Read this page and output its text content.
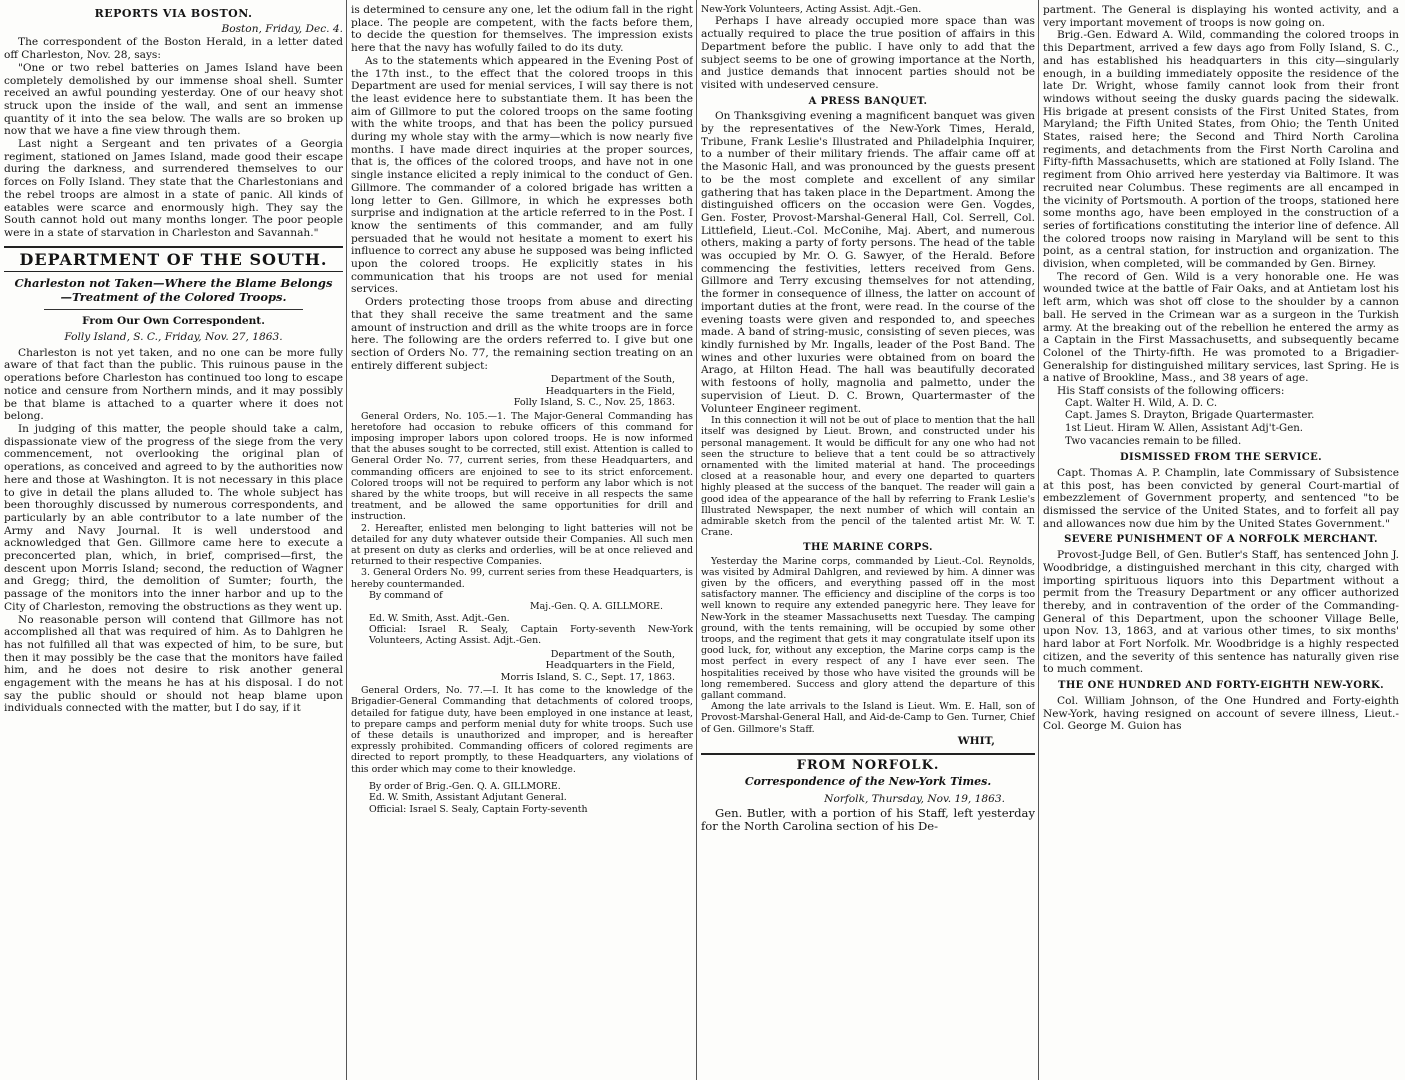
REPORTS VIA BOSTON.
Boston, Friday, Dec. 4.

The correspondent of the Boston Herald, in a letter dated off Charleston, Nov. 28, says:

"One or two rebel batteries on James Island have been completely demolished by our immense shoal shell. Sumter received an awful pounding yesterday. One of our heavy shot struck upon the inside of the wall, and sent an immense quantity of it into the sea below. The walls are so broken up now that we have a fine view through them.

Last night a Sergeant and ten privates of a Georgia regiment, stationed on James Island, made good their escape during the darkness, and surrendered themselves to our forces on Folly Island. They state that the Charlestonians and the rebel troops are almost in a state of panic. All kinds of eatables were scarce and enormously high. They say the South cannot hold out many months longer. The poor people were in a state of starvation in Charleston and Savannah."

DEPARTMENT OF THE SOUTH.
Charleston not Taken—Where the Blame Belongs—Treatment of the Colored Troops.
From Our Own Correspondent.
Folly Island, S. C., Friday, Nov. 27, 1863.

Charleston is not yet taken, and no one can be more fully aware of that fact than the public. This ruinous pause in the operations before Charleston has continued too long to escape notice and censure from Northern minds, and it may possibly be that blame is attached to a quarter where it does not belong.

In judging of this matter, the people should take a calm, dispassionate view of the progress of the siege from the very commencement, not overlooking the original plan of operations, as conceived and agreed to by the authorities now here and those at Washington. It is not necessary in this place to give in detail the plans alluded to. The whole subject has been thoroughly discussed by numerous correspondents, and particularly by an able contributor to a late number of the Army and Navy Journal. It is well understood and acknowledged that Gen. Gillmore came here to execute a preconcerted plan, which, in brief, comprised—first, the descent upon Morris Island; second, the reduction of Wagner and Gregg; third, the demolition of Sumter; fourth, the passage of the monitors into the inner harbor and up to the City of Charleston, removing the obstructions as they went up.

No reasonable person will contend that Gillmore has not accomplished all that was required of him. As to Dahlgren he has not fulfilled all that was expected of him, to be sure, but then it may possibly be the case that the monitors have failed him, and he does not desire to risk another general engagement with the means he has at his disposal. I do not say the public should or should not heap blame upon individuals connected with the matter, but I do say, if it

is determined to censure any one, let the odium fall in the right place. The people are competent, with the facts before them, to decide the question for themselves. The impression exists here that the navy has wofully failed to do its duty.

As to the statements which appeared in the Evening Post of the 17th inst., to the effect that the colored troops in this Department are used for menial services, I will say there is not the least evidence here to substantiate them. It has been the aim of Gillmore to put the colored troops on the same footing with the white troops, and that has been the policy pursued during my whole stay with the army—which is now nearly five months. I have made direct inquiries at the proper sources, that is, the offices of the colored troops, and have not in one single instance elicited a reply inimical to the conduct of Gen. Gillmore. The commander of a colored brigade has written a long letter to Gen. Gillmore, in which he expresses both surprise and indignation at the article referred to in the Post. I know the sentiments of this commander, and am fully persuaded that he would not hesitate a moment to exert his influence to correct any abuse he supposed was being inflicted upon the colored troops. He explicitly states in his communication that his troops are not used for menial services.

Orders protecting those troops from abuse and directing that they shall receive the same treatment and the same amount of instruction and drill as the white troops are in force here. The following are the orders referred to. I give but one section of Orders No. 77, the remaining section treating on an entirely different subject:

Department of the South,
Headquarters in the Field,
Folly Island, S. C., Nov. 25, 1863.

General Orders, No. 105.—1. The Major-General Commanding has heretofore had occasion to rebuke officers of this command for imposing improper labors upon colored troops. He is now informed that the abuses sought to be corrected, still exist. Attention is called to General Order No. 77, current series, from these Headquarters, and commanding officers are enjoined to see to its strict enforcement. Colored troops will not be required to perform any labor which is not shared by the white troops, but will receive in all respects the same treatment, and be allowed the same opportunities for drill and instruction.

2. Hereafter, enlisted men belonging to light batteries will not be detailed for any duty whatever outside their Companies. All such men at present on duty as clerks and orderlies, will be at once relieved and returned to their respective Companies.

3. General Orders No. 99, current series from these Headquarters, is hereby countermanded.

By command of
Maj.-Gen. Q. A. GILLMORE.
Ed. W. Smith, Asst. Adjt.-Gen.
Official: Israel R. Sealy, Captain Forty-seventh New-York Volunteers, Acting Assist. Adjt.-Gen.
Department of the South,
Headquarters in the Field,
Morris Island, S. C., Sept. 17, 1863.

General Orders, No. 77.—I. It has come to the knowledge of the Brigadier-General Commanding that detachments of colored troops, detailed for fatigue duty, have been employed in one instance at least, to prepare camps and perform menial duty for white troops. Such use of these details is unauthorized and improper, and is hereafter expressly prohibited. Commanding officers of colored regiments are directed to report promptly, to these Headquarters, any violations of this order which may come to their knowledge.

By order of Brig.-Gen. Q. A. GILLMORE.
Ed. W. Smith, Assistant Adjutant General.
Official: Israel S. Sealy, Captain Forty-seventh
New-York Volunteers, Acting Assist. Adjt.-Gen.

Perhaps I have already occupied more space than was actually required to place the true position of affairs in this Department before the public. I have only to add that the subject seems to be one of growing importance at the North, and justice demands that innocent parties should not be visited with undeserved censure.

A PRESS BANQUET.

On Thanksgiving evening a magnificent banquet was given by the representatives of the New-York Times, Herald, Tribune, Frank Leslie's Illustrated and Philadelphia Inquirer, to a number of their military friends. The affair came off at the Masonic Hall, and was pronounced by the guests present to be the most complete and excellent of any similar gathering that has taken place in the Department. Among the distinguished officers on the occasion were Gen. Vogdes, Gen. Foster, Provost-Marshal-General Hall, Col. Serrell, Col. Littlefield, Lieut.-Col. McConihe, Maj. Abert, and numerous others, making a party of forty persons. The head of the table was occupied by Mr. O. G. Sawyer, of the Herald. Before commencing the festivities, letters received from Gens. Gillmore and Terry excusing themselves for not attending, the former in consequence of illness, the latter on account of important duties at the front, were read. In the course of the evening toasts were given and responded to, and speeches made. A band of string-music, consisting of seven pieces, was kindly furnished by Mr. Ingalls, leader of the Post Band. The wines and other luxuries were obtained from on board the Arago, at Hilton Head. The hall was beautifully decorated with festoons of holly, magnolia and palmetto, under the supervision of Lieut. D. C. Brown, Quartermaster of the Volunteer Engineer regiment.

In this connection it will not be out of place to mention that the hall itself was designed by Lieut. Brown, and constructed under his personal management. It would be difficult for any one who had not seen the structure to believe that a tent could be so attractively ornamented with the limited material at hand. The proceedings closed at a reasonable hour, and every one departed to quarters highly pleased at the success of the banquet. The reader will gain a good idea of the appearance of the hall by referring to Frank Leslie's Illustrated Newspaper, the next number of which will contain an admirable sketch from the pencil of the talented artist Mr. W. T. Crane.

THE MARINE CORPS.

Yesterday the Marine corps, commanded by Lieut.-Col. Reynolds, was visited by Admiral Dahlgren, and reviewed by him. A dinner was given by the officers, and everything passed off in the most satisfactory manner. The efficiency and discipline of the corps is too well known to require any extended panegyric here. They leave for New-York in the steamer Massachusetts next Tuesday. The camping ground, with the tents remaining, will be occupied by some other troops, and the regiment that gets it may congratulate itself upon its good luck, for, without any exception, the Marine corps camp is the most perfect in every respect of any I have ever seen. The hospitalities received by those who have visited the grounds will be long remembered. Success and glory attend the departure of this gallant command.

Among the late arrivals to the Island is Lieut. Wm. E. Hall, son of Provost-Marshal-General Hall, and Aid-de-Camp to Gen. Turner, Chief of Gen. Gillmore's Staff.

WHIT,
FROM NORFOLK.
Correspondence of the New-York Times.
Norfolk, Thursday, Nov. 19, 1863.

Gen. Butler, with a portion of his Staff, left yesterday for the North Carolina section of his De-

partment. The General is displaying his wonted activity, and a very important movement of troops is now going on.

Brig.-Gen. Edward A. Wild, commanding the colored troops in this Department, arrived a few days ago from Folly Island, S. C., and has established his headquarters in this city—singularly enough, in a building immediately opposite the residence of the late Dr. Wright, whose family cannot look from their front windows without seeing the dusky guards pacing the sidewalk. His brigade at present consists of the First United States, from Maryland; the Fifth United States, from Ohio; the Tenth United States, raised here; the Second and Third North Carolina regiments, and detachments from the First North Carolina and Fifty-fifth Massachusetts, which are stationed at Folly Island. The regiment from Ohio arrived here yesterday via Baltimore. It was recruited near Columbus. These regiments are all encamped in the vicinity of Portsmouth. A portion of the troops, stationed here some months ago, have been employed in the construction of a series of fortifications constituting the interior line of defence. All the colored troops now raising in Maryland will be sent to this point, as a central station, for instruction and organization. The division, when completed, will be commanded by Gen. Birney.

The record of Gen. Wild is a very honorable one. He was wounded twice at the battle of Fair Oaks, and at Antietam lost his left arm, which was shot off close to the shoulder by a cannon ball. He served in the Crimean war as a surgeon in the Turkish army. At the breaking out of the rebellion he entered the army as a Captain in the First Massachusetts, and subsequently became Colonel of the Thirty-fifth. He was promoted to a Brigadier-Generalship for distinguished military services, last Spring. He is a native of Brookline, Mass., and 38 years of age.

His Staff consists of the following officers:

Capt. Walter H. Wild, A. D. C.
Capt. James S. Drayton, Brigade Quartermaster.
1st Lieut. Hiram W. Allen, Assistant Adj't-Gen.
Two vacancies remain to be filled.
DISMISSED FROM THE SERVICE.

Capt. Thomas A. P. Champlin, late Commissary of Subsistence at this post, has been convicted by general Court-martial of embezzlement of Government property, and sentenced "to be dismissed the service of the United States, and to forfeit all pay and allowances now due him by the United States Government."

SEVERE PUNISHMENT OF A NORFOLK MERCHANT.

Provost-Judge Bell, of Gen. Butler's Staff, has sentenced John J. Woodbridge, a distinguished merchant in this city, charged with importing spirituous liquors into this Department without a permit from the Treasury Department or any officer authorized thereby, and in contravention of the order of the Commanding-General of this Department, upon the schooner Village Belle, upon Nov. 13, 1863, and at various other times, to six months' hard labor at Fort Norfolk. Mr. Woodbridge is a highly respected citizen, and the severity of this sentence has naturally given rise to much comment.

THE ONE HUNDRED AND FORTY-EIGHTH NEW-YORK.

Col. William Johnson, of the One Hundred and Forty-eighth New-York, having resigned on account of severe illness, Lieut.-Col. George M. Guion has
